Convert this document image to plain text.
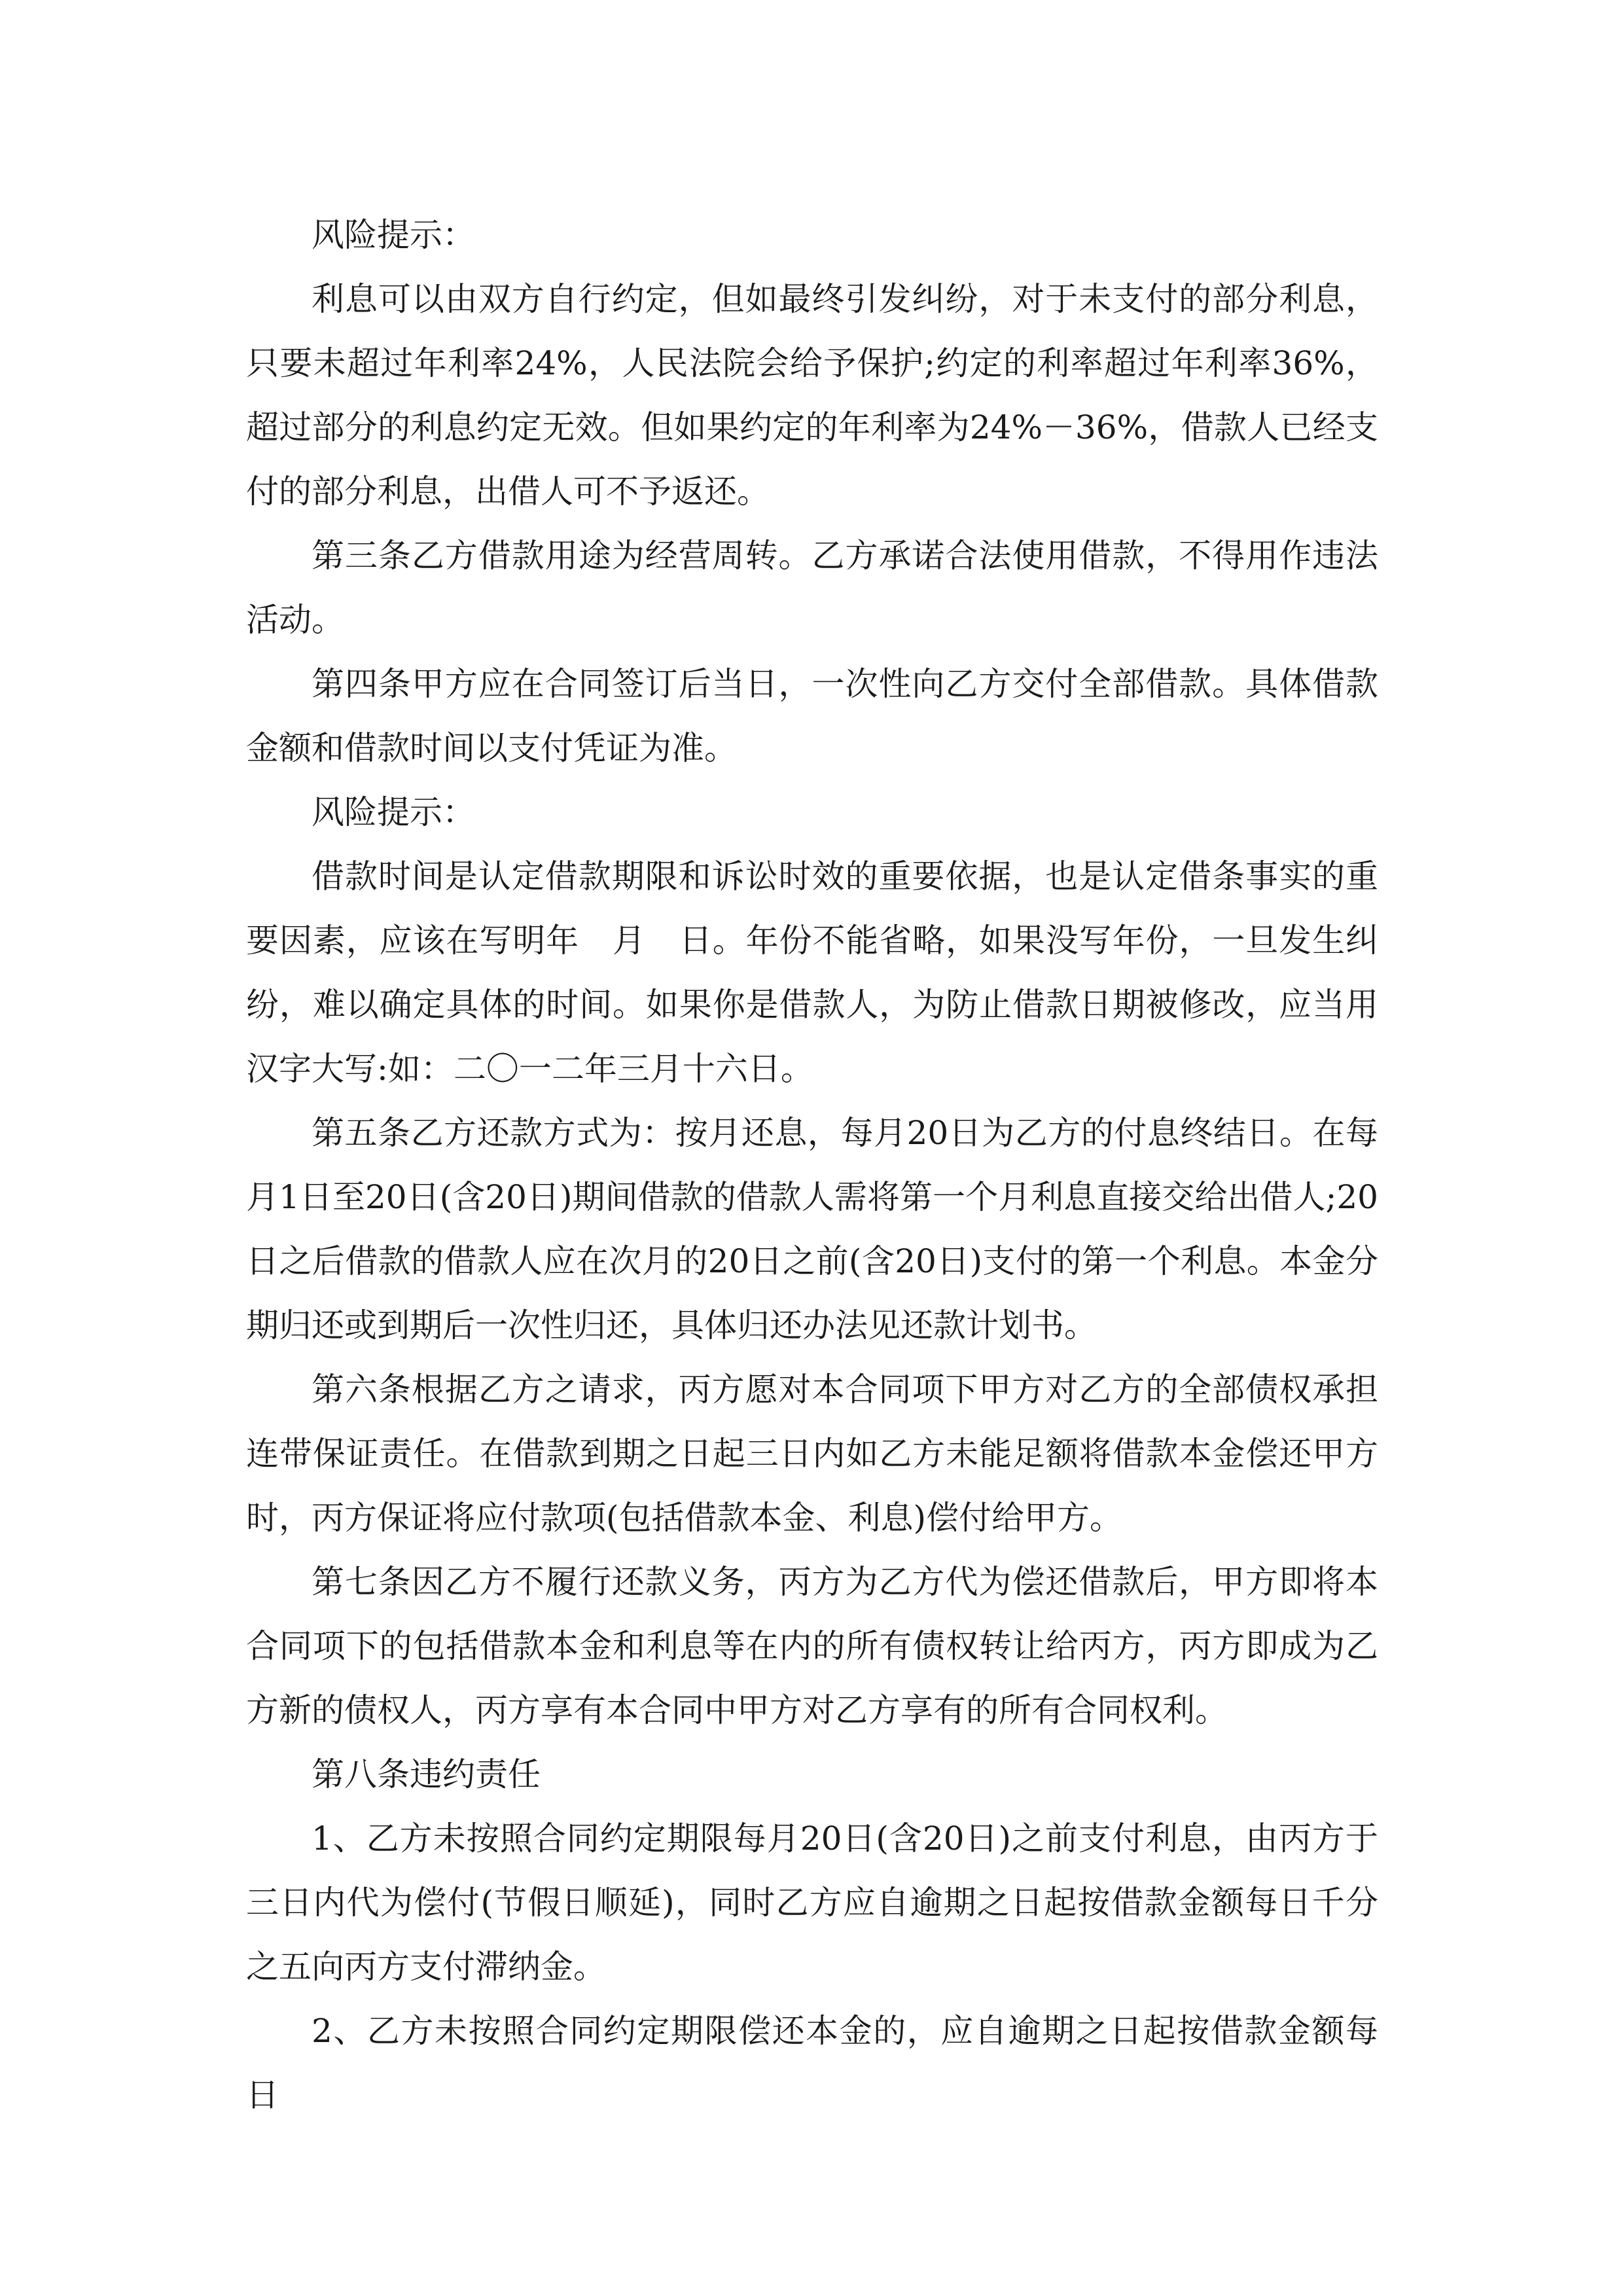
风险提示：

利息可以由双方自行约定，但如最终引发纠纷，对于未支付的部分利息，只要未超过年利率24%，人民法院会给予保护;约定的利率超过年利率36%，超过部分的利息约定无效。但如果约定的年利率为24%－36%，借款人已经支付的部分利息，出借人可不予返还。

第三条乙方借款用途为经营周转。乙方承诺合法使用借款，不得用作违法活动。

第四条甲方应在合同签订后当日，一次性向乙方交付全部借款。具体借款金额和借款时间以支付凭证为准。

风险提示：

借款时间是认定借款期限和诉讼时效的重要依据，也是认定借条事实的重要因素，应该在写明年　月　日。年份不能省略，如果没写年份，一旦发生纠纷，难以确定具体的时间。如果你是借款人，为防止借款日期被修改，应当用汉字大写:如：二〇一二年三月十六日。

第五条乙方还款方式为：按月还息，每月20日为乙方的付息终结日。在每月1日至20日(含20日)期间借款的借款人需将第一个月利息直接交给出借人;20日之后借款的借款人应在次月的20日之前(含20日)支付的第一个利息。本金分期归还或到期后一次性归还，具体归还办法见还款计划书。

第六条根据乙方之请求，丙方愿对本合同项下甲方对乙方的全部债权承担连带保证责任。在借款到期之日起三日内如乙方未能足额将借款本金偿还甲方时，丙方保证将应付款项(包括借款本金、利息)偿付给甲方。

第七条因乙方不履行还款义务，丙方为乙方代为偿还借款后，甲方即将本合同项下的包括借款本金和利息等在内的所有债权转让给丙方，丙方即成为乙方新的债权人，丙方享有本合同中甲方对乙方享有的所有合同权利。

第八条违约责任

1、乙方未按照合同约定期限每月20日(含20日)之前支付利息，由丙方于三日内代为偿付(节假日顺延)，同时乙方应自逾期之日起按借款金额每日千分之五向丙方支付滞纳金。

2、乙方未按照合同约定期限偿还本金的，应自逾期之日起按借款金额每日
